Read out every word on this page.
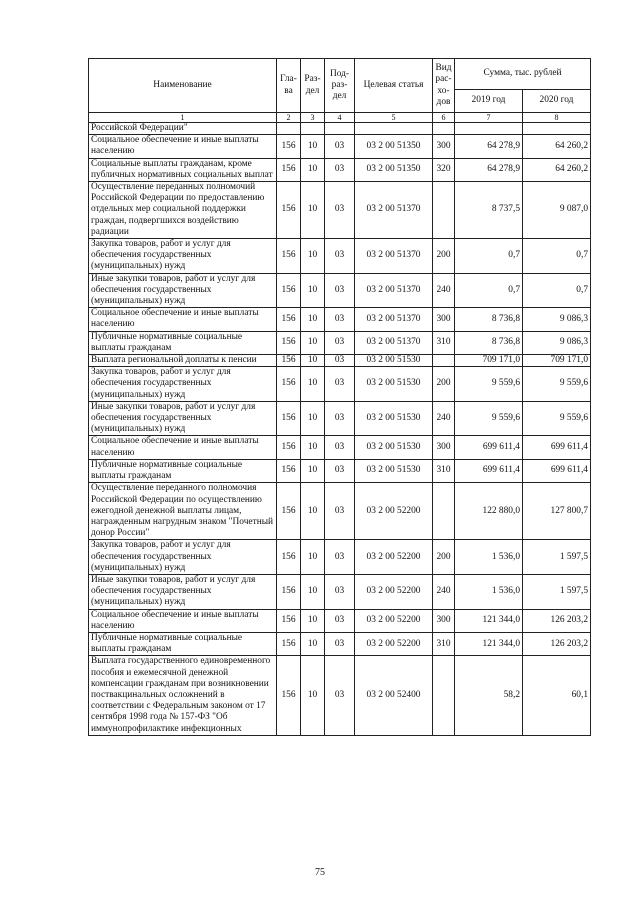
Наименование	Гла-ва	Раз-дел	Под-раз-дел	Целевая статья	Вид рас-хо-дов	Сумма, тыс. рублей	
						2019 год	2020 год
1	2	3	4	5	6	7	8
Российской Федерации"							
Социальное обеспечение и иные выплаты населению	156	10	03	03 2 00 51350	300	64 278,9	64 260,2
Социальные выплаты гражданам, кроме публичных нормативных социальных выплат	156	10	03	03 2 00 51350	320	64 278,9	64 260,2
Осуществление переданных полномочий Российской Федерации по предоставлению отдельных мер социальной поддержки граждан, подвергшихся воздействию радиации	156	10	03	03 2 00 51370		8 737,5	9 087,0
Закупка товаров, работ и услуг для обеспечения государственных (муниципальных) нужд	156	10	03	03 2 00 51370	200	0,7	0,7
Иные закупки товаров, работ и услуг для обеспечения государственных (муниципальных) нужд	156	10	03	03 2 00 51370	240	0,7	0,7
Социальное обеспечение и иные выплаты населению	156	10	03	03 2 00 51370	300	8 736,8	9 086,3
Публичные нормативные социальные выплаты гражданам	156	10	03	03 2 00 51370	310	8 736,8	9 086,3
Выплата региональной доплаты к пенсии	156	10	03	03 2 00 51530		709 171,0	709 171,0
Закупка товаров, работ и услуг для обеспечения государственных (муниципальных) нужд	156	10	03	03 2 00 51530	200	9 559,6	9 559,6
Иные закупки товаров, работ и услуг для обеспечения государственных (муниципальных) нужд	156	10	03	03 2 00 51530	240	9 559,6	9 559,6
Социальное обеспечение и иные выплаты населению	156	10	03	03 2 00 51530	300	699 611,4	699 611,4
Публичные нормативные социальные выплаты гражданам	156	10	03	03 2 00 51530	310	699 611,4	699 611,4
Осуществление переданного полномочия Российской Федерации по осуществлению ежегодной денежной выплаты лицам, награжденным нагрудным знаком "Почетный донор России"	156	10	03	03 2 00 52200		122 880,0	127 800,7
Закупка товаров, работ и услуг для обеспечения государственных (муниципальных) нужд	156	10	03	03 2 00 52200	200	1 536,0	1 597,5
Иные закупки товаров, работ и услуг для обеспечения государственных (муниципальных) нужд	156	10	03	03 2 00 52200	240	1 536,0	1 597,5
Социальное обеспечение и иные выплаты населению	156	10	03	03 2 00 52200	300	121 344,0	126 203,2
Публичные нормативные социальные выплаты гражданам	156	10	03	03 2 00 52200	310	121 344,0	126 203,2
Выплата государственного единовременного пособия и ежемесячной денежной компенсации гражданам при возникновении поствакцинальных осложнений в соответствии с Федеральным законом от 17 сентября 1998 года № 157-ФЗ "Об иммунопрофилактике инфекционных	156	10	03	03 2 00 52400		58,2	60,1
75
